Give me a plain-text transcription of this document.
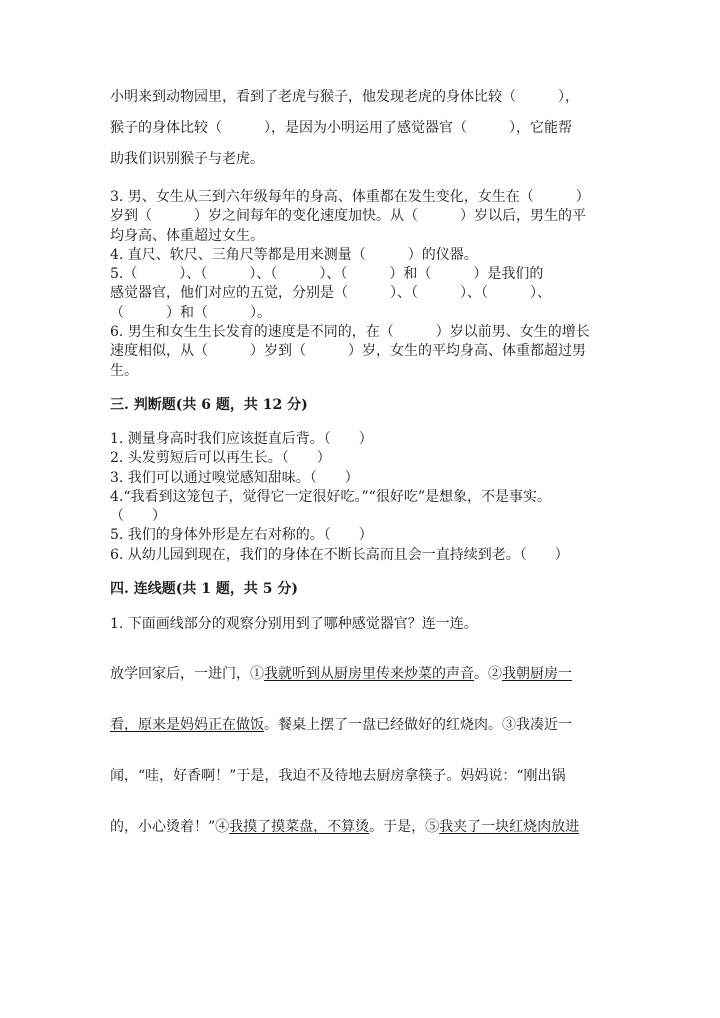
小明来到动物园里，看到了老虎与猴子，他发现老虎的身体比较（　　　），
猴子的身体比较（　　　），是因为小明运用了感觉器官（　　　），它能帮
助我们识别猴子与老虎。
3. 男、女生从三到六年级每年的身高、体重都在发生变化，女生在（　　　）
岁到（　　　）岁之间每年的变化速度加快。从（　　　）岁以后，男生的平
均身高、体重超过女生。
4. 直尺、软尺、三角尺等都是用来测量（　　　）的仪器。
5.（　　　）、（　　　）、（　　　）、（　　　）和（　　　）是我们的
感觉器官，他们对应的五觉，分别是（　　　）、（　　　）、（　　　）、
（　　　）和（　　　）。
6. 男生和女生生长发育的速度是不同的，在（　　　）岁以前男、女生的增长
速度相似，从（　　　）岁到（　　　）岁，女生的平均身高、体重都超过男
生。
三. 判断题(共 6 题，共 12 分)
1. 测量身高时我们应该挺直后背。（　　）
2. 头发剪短后可以再生长。（　　）
3. 我们可以通过嗅觉感知甜味。（　　）
4.“我看到这笼包子，觉得它一定很好吃。”“很好吃”是想象，不是事实。
（　　）
5. 我们的身体外形是左右对称的。（　　）
6. 从幼儿园到现在，我们的身体在不断长高而且会一直持续到老。（　　）
四. 连线题(共 1 题，共 5 分)
1. 下面画线部分的观察分别用到了哪种感觉器官？连一连。
放学回家后，一进门，①我就听到从厨房里传来炒菜的声音。②我朝厨房一
看，原来是妈妈正在做饭。餐桌上摆了一盘已经做好的红烧肉。③我凑近一
闻，“哇，好香啊！”于是，我迫不及待地去厨房拿筷子。妈妈说：“刚出锅
的，小心烫着！”④我摸了摸菜盘，不算烫。于是，⑤我夹了一块红烧肉放进
